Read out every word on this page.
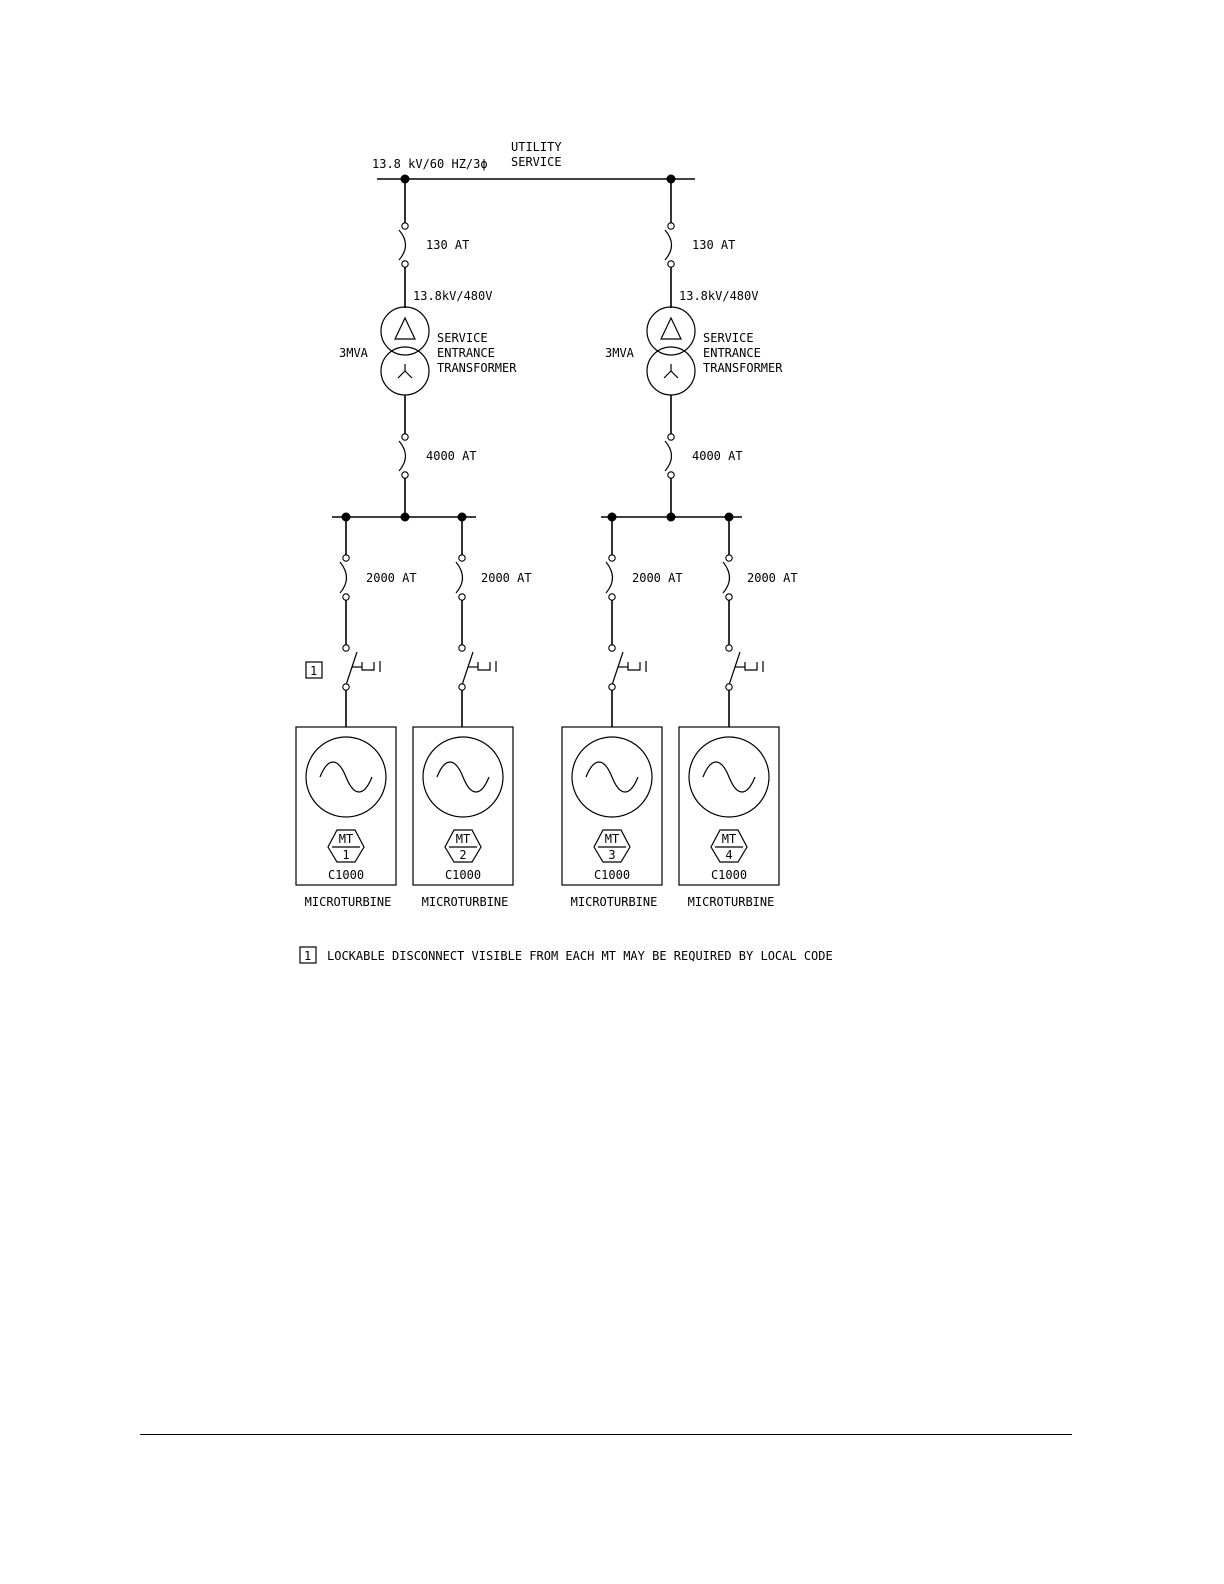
UTILITY
SERVICE
13.8 kV/60 HZ/3ϕ
130 AT
13.8kV/480V
3MVA
SERVICE
ENTRANCE
TRANSFORMER
4000 AT
130 AT
13.8kV/480V
3MVA
SERVICE
ENTRANCE
TRANSFORMER
4000 AT
2000 AT
1
2000 AT	2000 AT	2000 AT
MT
1
C1000
MICROTURBINE
MT
2
C1000
MICROTURBINE
MT
3
C1000
MICROTURBINE
MT
4
C1000
MICROTURBINE
1 LOCKABLE DISCONNECT VISIBLE FROM EACH MT MAY BE REQUIRED BY LOCAL CODE
